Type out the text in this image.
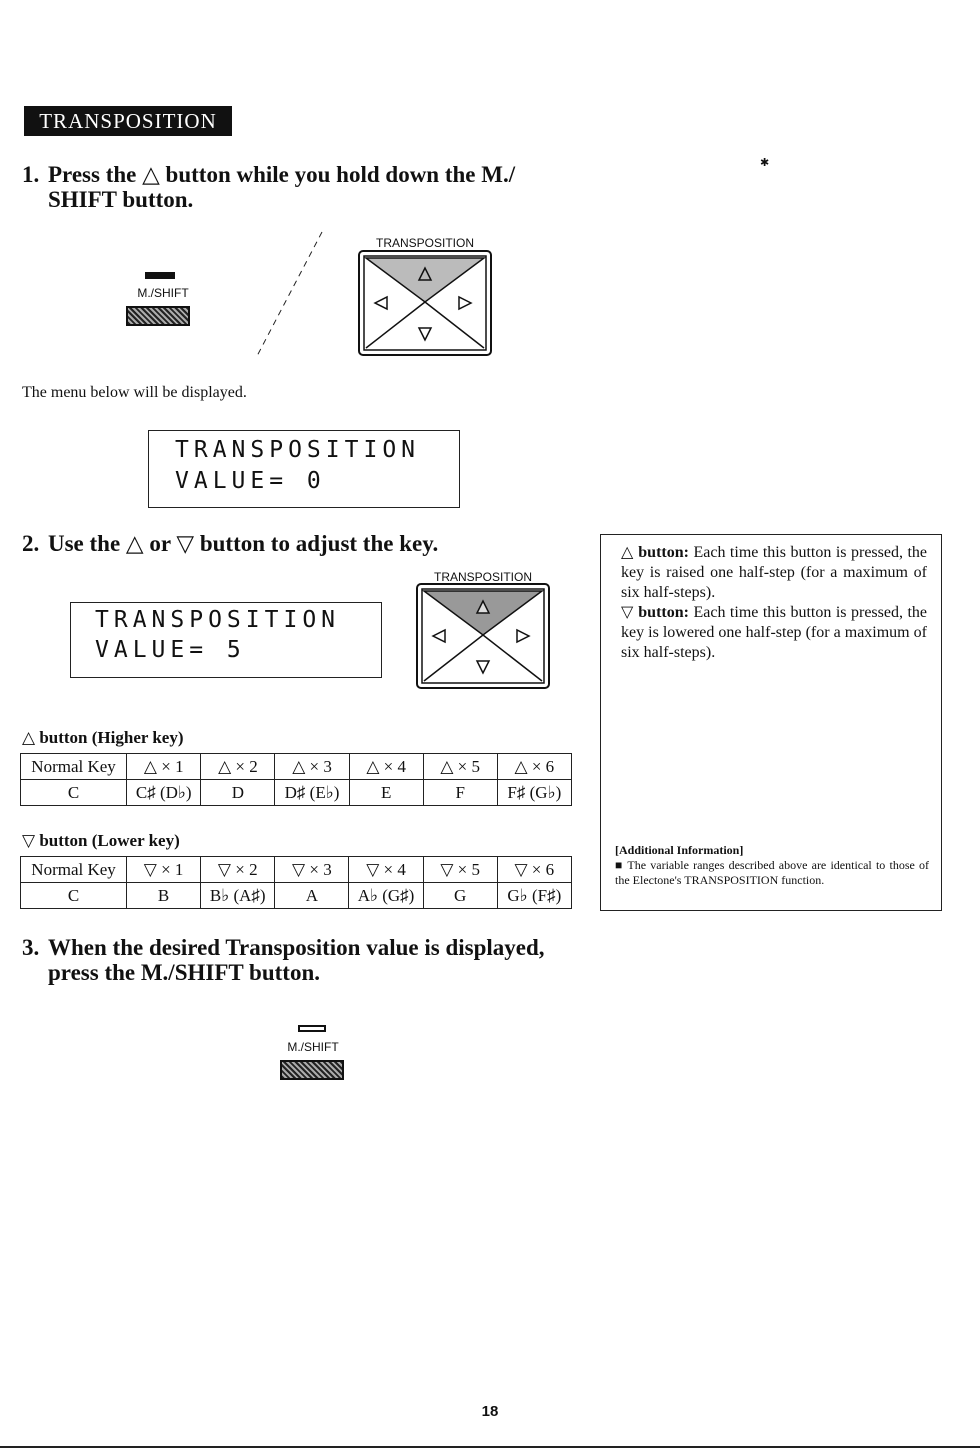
TRANSPOSITION
1. Press the △ button while you hold down the M./
SHIFT button.
M./SHIFT
TRANSPOSITION
The menu below will be displayed.
TRANSPOSITION
VALUE= 0
2. Use the △ or ▽ button to adjust the key.
TRANSPOSITION
VALUE= 5
TRANSPOSITION
△ button (Higher key)
Normal Key	△ × 1	△ × 2	△ × 3	△ × 4	△ × 5	△ × 6
C	C♯ (D♭)	D	D♯ (E♭)	E	F	F♯ (G♭)
▽ button (Lower key)
Normal Key	▽ × 1	▽ × 2	▽ × 3	▽ × 4	▽ × 5	▽ × 6
C	B	B♭ (A♯)	A	A♭ (G♯)	G	G♭ (F♯)
△ button: Each time this button is pressed, the key is raised one half-step (for a maximum of six half-steps).
▽ button: Each time this button is pressed, the key is lowered one half-step (for a maximum of six half-steps).
[Additional Information]
■ The variable ranges described above are identical to those of the Electone's TRANSPOSITION function.
3. When the desired Transposition value is displayed,
press the M./SHIFT button.
M./SHIFT
✱
18
